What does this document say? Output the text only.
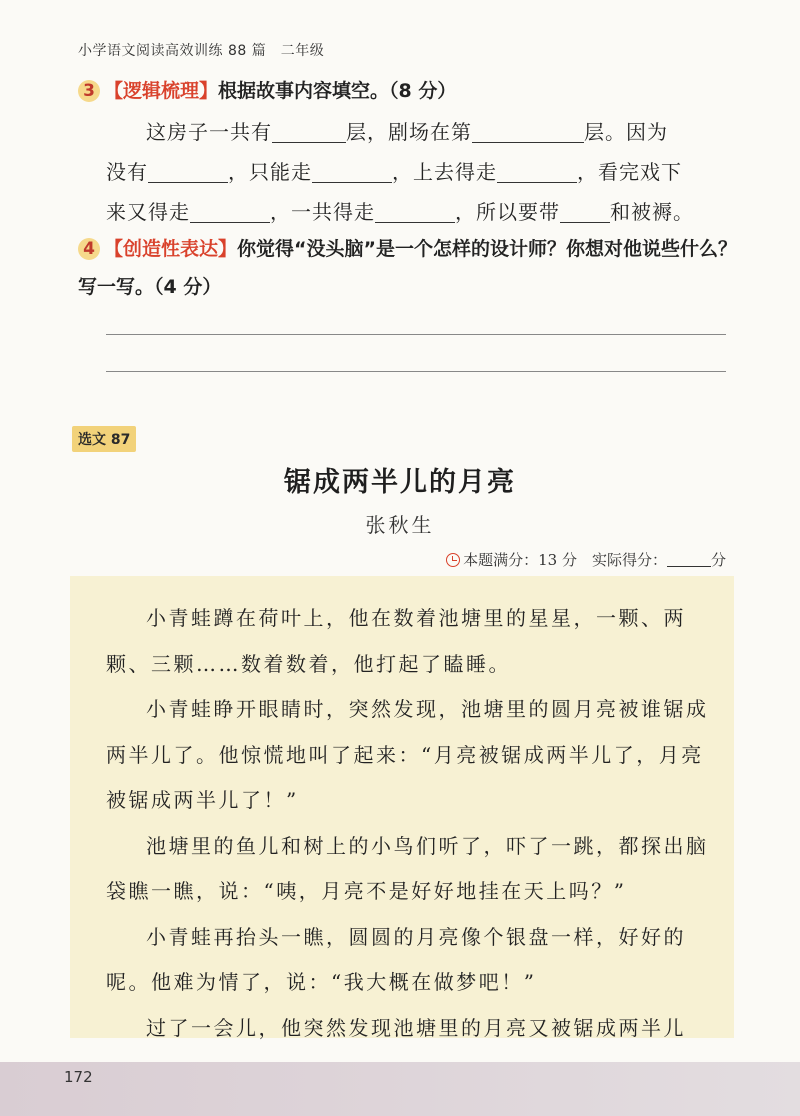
小学语文阅读高效训练 88 篇　二年级
3 【逻辑梳理】根据故事内容填空。（8 分）
这房子一共有	层，剧场在第	层。因为
没有	，只能走	，上去得走	，看完戏下
来又得走	，一共得走	，所以要带	和被褥。
4 【创造性表达】你觉得“没头脑”是一个怎样的设计师？你想对他说些什么？写一写。（4 分）
选文 87
锯成两半儿的月亮
张秋生
本题满分：13 分　实际得分：	分

小青蛙蹲在荷叶上，他在数着池塘里的星星，一颗、两颗、三颗……数着数着，他打起了瞌睡。

小青蛙睁开眼睛时，突然发现，池塘里的圆月亮被谁锯成两半儿了。他惊慌地叫了起来：“月亮被锯成两半儿了，月亮被锯成两半儿了！”

池塘里的鱼儿和树上的小鸟们听了，吓了一跳，都探出脑袋瞧一瞧，说：“咦，月亮不是好好地挂在天上吗？”

小青蛙再抬头一瞧，圆圆的月亮像个银盘一样，好好的呢。他难为情了，说：“我大概在做梦吧！”

过了一会儿，他突然发现池塘里的月亮又被锯成两半儿

172
